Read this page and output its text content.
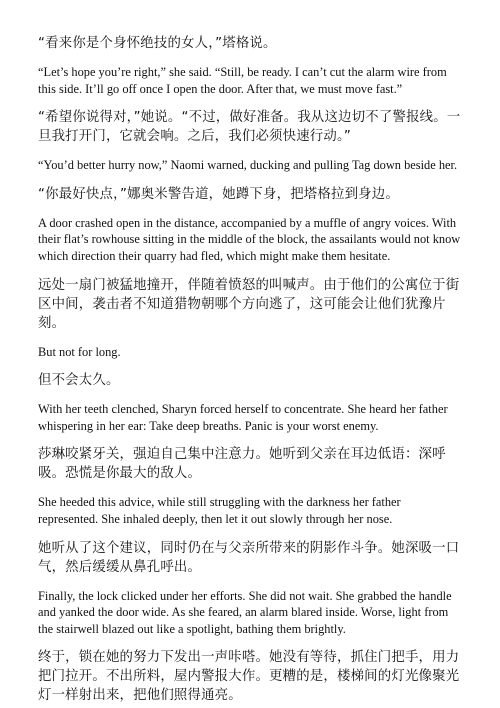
“看来你是个身怀绝技的女人，”塔格说。

“Let’s hope you’re right,” she said. “Still, be ready. I can’t cut the alarm wire from this side. It’ll go off once I open the door. After that, we must move fast.”

“希望你说得对，”她说。“不过，做好准备。我从这边切不了警报线。一旦我打开门，它就会响。之后，我们必须快速行动。”

“You’d better hurry now,” Naomi warned, ducking and pulling Tag down beside her.

“你最好快点，”娜奥米警告道，她蹲下身，把塔格拉到身边。

A door crashed open in the distance, accompanied by a muffle of angry voices. With their flat’s rowhouse sitting in the middle of the block, the assailants would not know which direction their quarry had fled, which might make them hesitate.

远处一扇门被猛地撞开，伴随着愤怒的叫喊声。由于他们的公寓位于街区中间，袭击者不知道猎物朝哪个方向逃了，这可能会让他们犹豫片刻。

But not for long.

但不会太久。

With her teeth clenched, Sharyn forced herself to concentrate. She heard her father whispering in her ear: Take deep breaths. Panic is your worst enemy.

莎琳咬紧牙关，强迫自己集中注意力。她听到父亲在耳边低语：深呼吸。恐慌是你最大的敌人。

She heeded this advice, while still struggling with the darkness her father represented. She inhaled deeply, then let it out slowly through her nose.

她听从了这个建议，同时仍在与父亲所带来的阴影作斗争。她深吸一口气，然后缓缓从鼻孔呼出。

Finally, the lock clicked under her efforts. She did not wait. She grabbed the handle and yanked the door wide. As she feared, an alarm blared inside. Worse, light from the stairwell blazed out like a spotlight, bathing them brightly.

终于，锁在她的努力下发出一声咔嗒。她没有等待，抓住门把手，用力把门拉开。不出所料，屋内警报大作。更糟的是，楼梯间的灯光像聚光灯一样射出来，把他们照得通亮。
